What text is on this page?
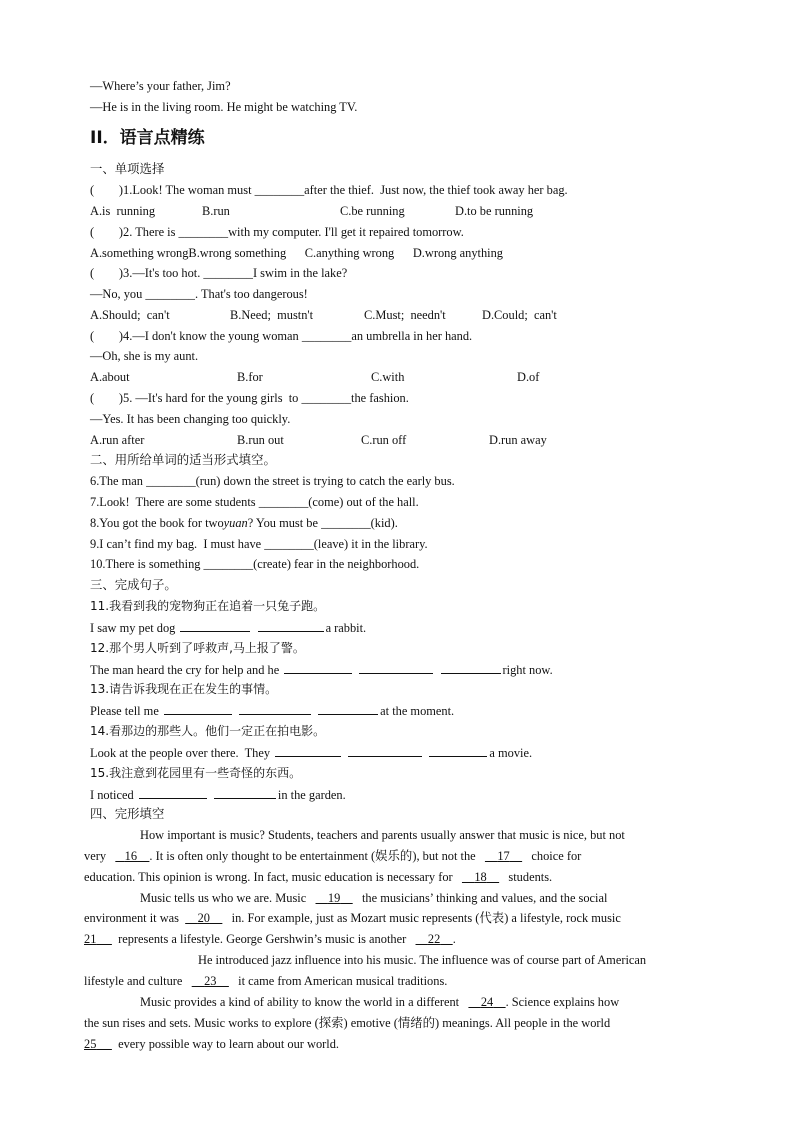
—Where’s your father, Jim?
—He is in the living room. He might be watching TV.
II．语言点精练
一、单项选择
(        )1.Look! The woman must ________after the thief.  Just now, the thief took away her bag.
A.is  running	B.run	C.be running	D.to be running
(        )2. There is ________with my computer. I'll get it repaired tomorrow.
A.something wrongB.wrong something      C.anything wrong      D.wrong anything
(        )3.—It's too hot. ________I swim in the lake?
—No, you ________. That's too dangerous!
A.Should;  can't	B.Need;  mustn't	C.Must;  needn't	D.Could;  can't
(        )4.—I don't know the young woman ________an umbrella in her hand.
—Oh, she is my aunt.
A.about	B.for	C.with	D.of
(        )5. —It's hard for the young girls  to ________the fashion.
—Yes. It has been changing too quickly.
A.run after	B.run out	C.run off	D.run away
二、用所给单词的适当形式填空。
6.The man ________(run) down the street is trying to catch the early bus.
7.Look!  There are some students ________(come) out of the hall.
8.You got the book for twoyuan? You must be ________(kid).
9.I can’t find my bag.  I must have ________(leave) it in the library.
10.There is something ________(create) fear in the neighborhood.
三、完成句子。
11.我看到我的宠物狗正在追着一只兔子跑。
I saw my pet dog	a rabbit.
12.那个男人听到了呼救声,马上报了警。
The man heard the cry for help and he	right now.
13.请告诉我现在正在发生的事情。
Please tell me	at the moment.
14.看那边的那些人。他们一定正在拍电影。
Look at the people over there.  They	a movie.
15.我注意到花园里有一些奇怪的东西。
I noticed	in the garden.
四、完形填空
How important is music? Students, teachers and parents usually answer that music is nice, but not
very 16 . It is often only thought to be entertainment (娱乐的), but not the 17 choice for
education. This opinion is wrong. In fact, music education is necessary for 18 students.
Music tells us who we are. Music 19 the musicians’ thinking and values, and the social
environment it was 20 in. For example, just as Mozart music represents (代表) a lifestyle, rock music
21 represents a lifestyle. George Gershwin’s music is another 22 .
He introduced jazz influence into his music. The influence was of course part of American
lifestyle and culture 23 it came from American musical traditions.
Music provides a kind of ability to know the world in a different 24 . Science explains how
the sun rises and sets. Music works to explore (探索) emotive (情绪的) meanings. All people in the world
25 every possible way to learn about our world.
